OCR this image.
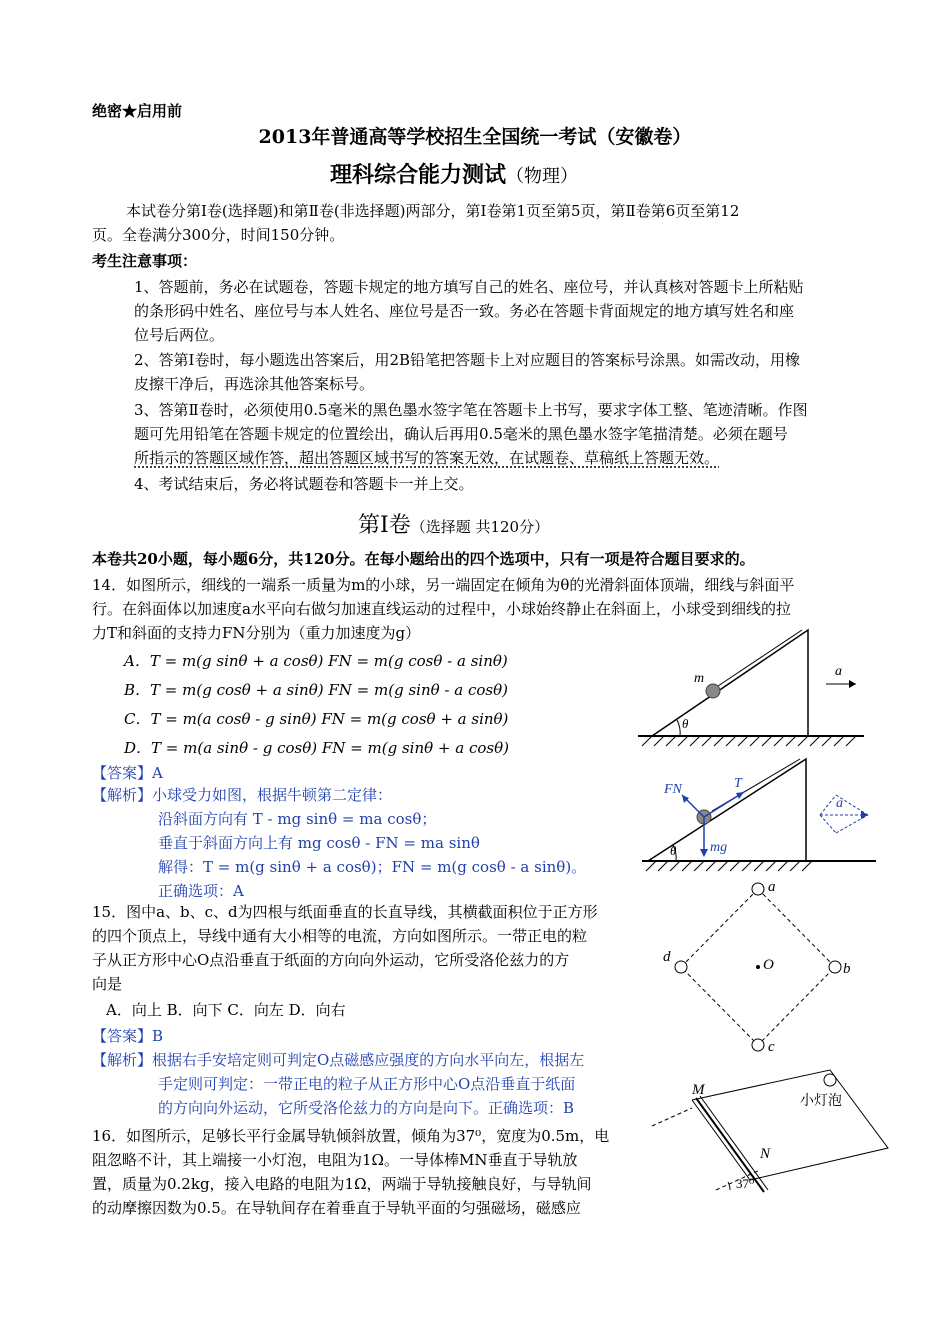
绝密★启用前
2013年普通高等学校招生全国统一考试（安徽卷）
理科综合能力测试（物理）
本试卷分第Ⅰ卷(选择题)和第Ⅱ卷(非选择题)两部分，第Ⅰ卷第1页至第5页，第Ⅱ卷第6页至第12
页。全卷满分300分，时间150分钟。
考生注意事项：
1、答题前，务必在试题卷，答题卡规定的地方填写自己的姓名、座位号，并认真核对答题卡上所粘贴
的条形码中姓名、座位号与本人姓名、座位号是否一致。务必在答题卡背面规定的地方填写姓名和座
位号后两位。
2、答第Ⅰ卷时，每小题选出答案后，用2B铅笔把答题卡上对应题目的答案标号涂黑。如需改动，用橡
皮擦干净后，再选涂其他答案标号。
3、答第Ⅱ卷时，必须使用0.5毫米的黑色墨水签字笔在答题卡上书写，要求字体工整、笔迹清晰。作图
题可先用铅笔在答题卡规定的位置绘出，确认后再用0.5毫米的黑色墨水签字笔描清楚。必须在题号
所指示的答题区域作答，超出答题区域书写的答案无效，在试题卷、草稿纸上答题无效。
4、考试结束后，务必将试题卷和答题卡一并上交。
第Ⅰ卷（选择题 共120分）
本卷共20小题，每小题6分，共120分。在每小题给出的四个选项中，只有一项是符合题目要求的。
14．如图所示，细线的一端系一质量为m的小球，另一端固定在倾角为θ的光滑斜面体顶端，细线与斜面平
行。在斜面体以加速度a水平向右做匀加速直线运动的过程中，小球始终静止在斜面上，小球受到细线的拉
力T和斜面的支持力FN分别为（重力加速度为g）
A．T = m(g sinθ + a cosθ) FN = m(g cosθ - a sinθ)
B．T = m(g cosθ + a sinθ) FN = m(g sinθ - a cosθ)
C．T = m(a cosθ - g sinθ) FN = m(g cosθ + a sinθ)
D．T = m(a sinθ - g cosθ) FN = m(g sinθ + a cosθ)
【答案】A
【解析】小球受力如图，根据牛顿第二定律：
沿斜面方向有 T - mg sinθ = ma cosθ；
垂直于斜面方向上有 mg cosθ - FN = ma sinθ
解得：T = m(g sinθ + a cosθ)；FN = m(g cosθ - a sinθ)。
正确选项：A
θ
m	a
θ
FN	T
mg
a
15．图中a、b、c、d为四根与纸面垂直的长直导线，其横截面积位于正方形
的四个顶点上，导线中通有大小相等的电流，方向如图所示。一带正电的粒
子从正方形中心O点沿垂直于纸面的方向向外运动，它所受洛伦兹力的方
向是
A．向上 B．向下 C．向左 D．向右
【答案】B
【解析】根据右手安培定则可判定O点磁感应强度的方向水平向左，根据左
手定则可判定：一带正电的粒子从正方形中心O点沿垂直于纸面
的方向向外运动，它所受洛伦兹力的方向是向下。正确选项：B
a
b
c
d	O
16．如图所示，足够长平行金属导轨倾斜放置，倾角为37⁰，宽度为0.5m，电
阻忽略不计，其上端接一小灯泡，电阻为1Ω。一导体棒MN垂直于导轨放
置，质量为0.2kg，接入电路的电阻为1Ω，两端于导轨接触良好，与导轨间
的动摩擦因数为0.5。在导轨间存在着垂直于导轨平面的匀强磁场，磁感应
小灯泡
M
N
37⁰
